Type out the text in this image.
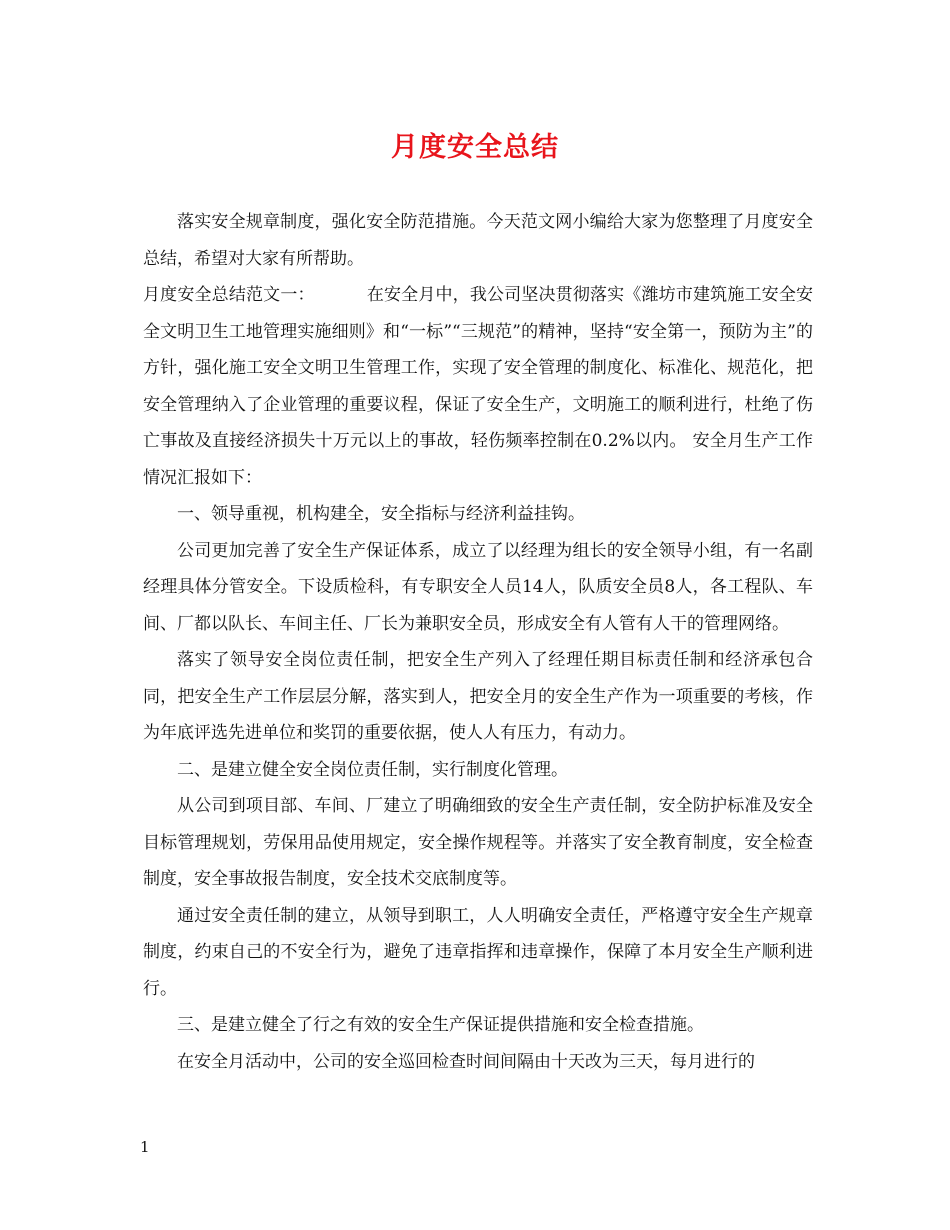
月度安全总结

落实安全规章制度，强化安全防范措施。今天范文网小编给大家为您整理了月度安全总结，希望对大家有所帮助。

月度安全总结范文一：	在安全月中，我公司坚决贯彻落实《潍坊市建筑施工安全安全文明卫生工地管理实施细则》和“一标”“三规范”的精神，坚持“安全第一，预防为主”的方针，强化施工安全文明卫生管理工作，实现了安全管理的制度化、标准化、规范化，把安全管理纳入了企业管理的重要议程，保证了安全生产，文明施工的顺利进行，杜绝了伤亡事故及直接经济损失十万元以上的事故，轻伤频率控制在0.2%以内。 安全月生产工作情况汇报如下：

一、领导重视，机构建全，安全指标与经济利益挂钩。

公司更加完善了安全生产保证体系，成立了以经理为组长的安全领导小组，有一名副经理具体分管安全。下设质检科，有专职安全人员14人，队质安全员8人，各工程队、车间、厂都以队长、车间主任、厂长为兼职安全员，形成安全有人管有人干的管理网络。

落实了领导安全岗位责任制，把安全生产列入了经理任期目标责任制和经济承包合同，把安全生产工作层层分解，落实到人，把安全月的安全生产作为一项重要的考核，作为年底评选先进单位和奖罚的重要依据，使人人有压力，有动力。

二、是建立健全安全岗位责任制，实行制度化管理。

从公司到项目部、车间、厂建立了明确细致的安全生产责任制，安全防护标准及安全目标管理规划，劳保用品使用规定，安全操作规程等。并落实了安全教育制度，安全检查制度，安全事故报告制度，安全技术交底制度等。

通过安全责任制的建立，从领导到职工，人人明确安全责任，严格遵守安全生产规章制度，约束自己的不安全行为，避免了违章指挥和违章操作，保障了本月安全生产顺利进行。

三、是建立健全了行之有效的安全生产保证提供措施和安全检查措施。

在安全月活动中，公司的安全巡回检查时间间隔由十天改为三天，每月进行的

1
